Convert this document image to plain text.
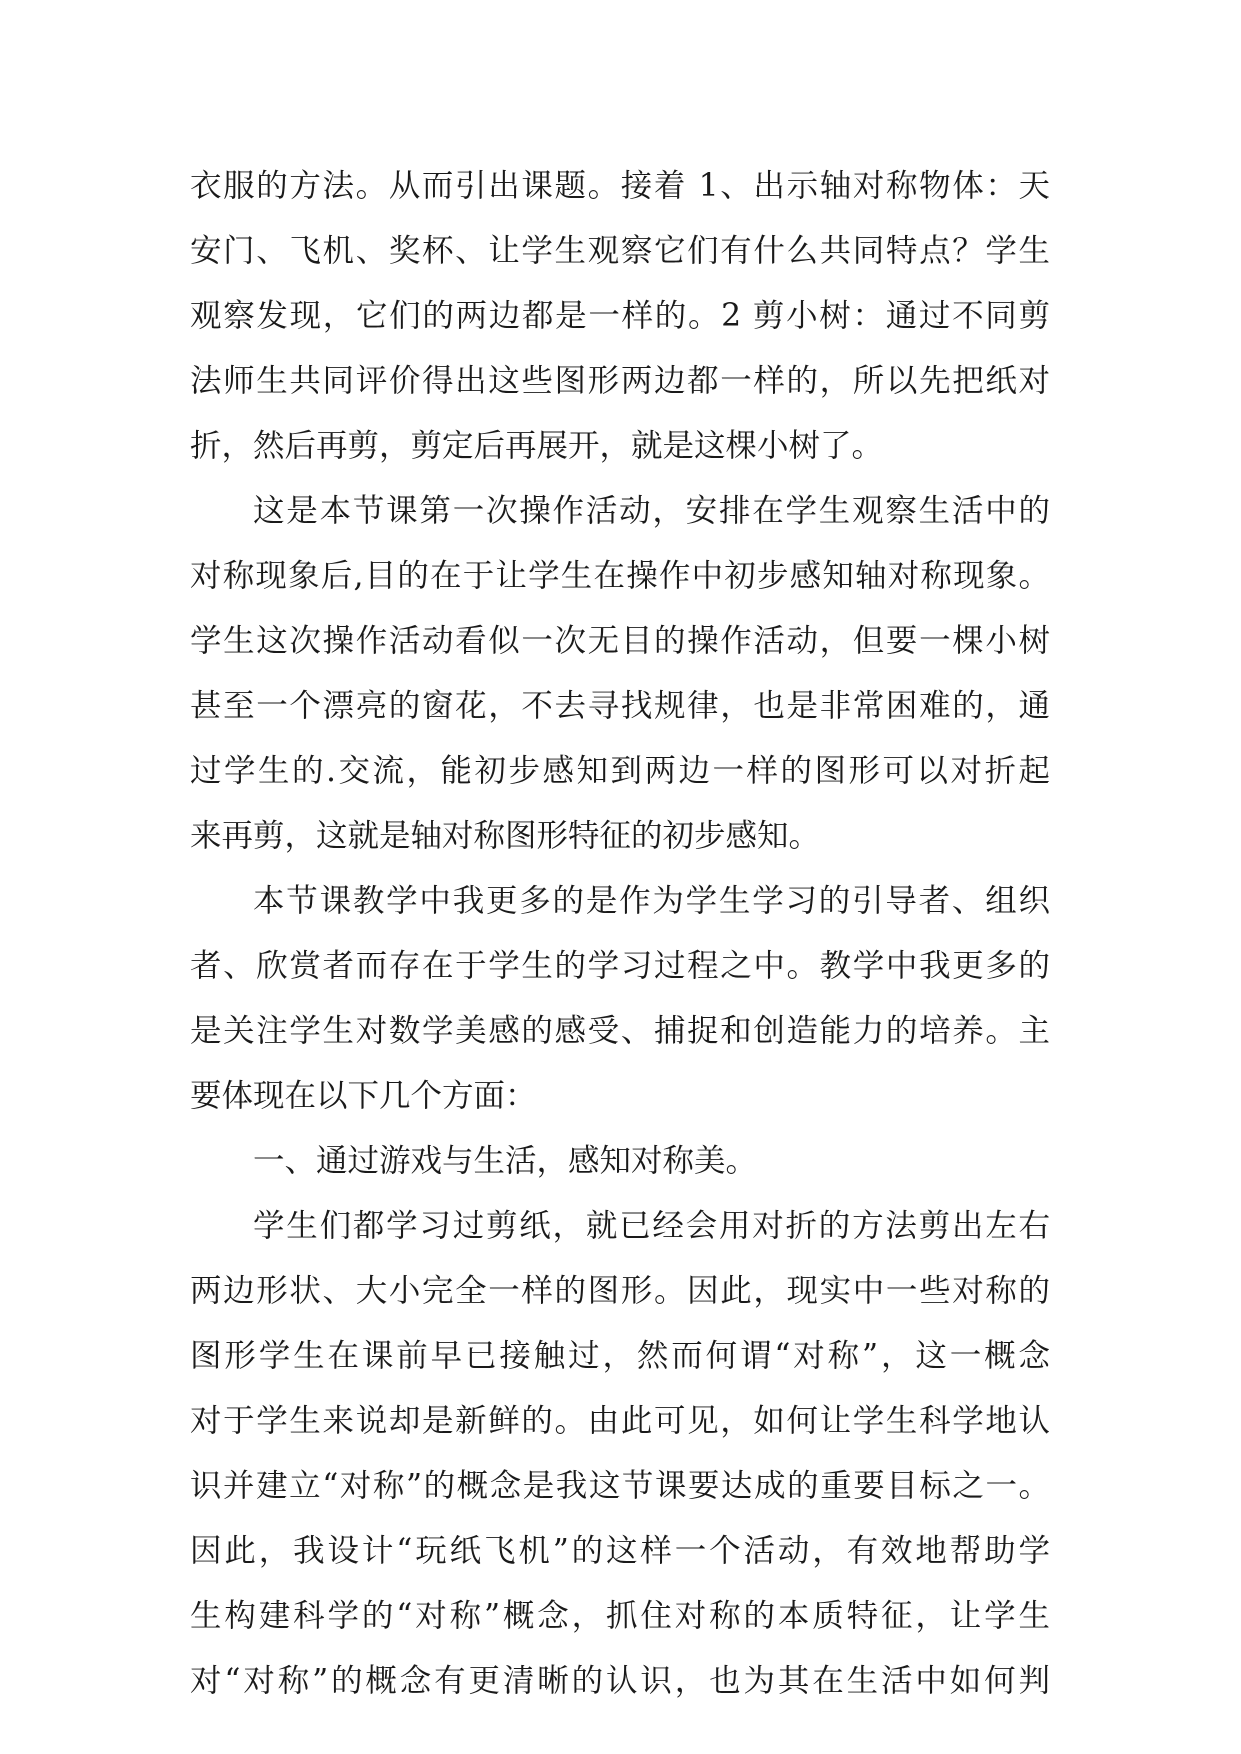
衣服的方法。从而引出课题。接着 1、出示轴对称物体：天
安门、飞机、奖杯、让学生观察它们有什么共同特点？学生
观察发现，它们的两边都是一样的。2 剪小树：通过不同剪
法师生共同评价得出这些图形两边都一样的，所以先把纸对
折，然后再剪，剪定后再展开，就是这棵小树了。
这是本节课第一次操作活动，安排在学生观察生活中的
对称现象后,目的在于让学生在操作中初步感知轴对称现象。
学生这次操作活动看似一次无目的操作活动，但要一棵小树
甚至一个漂亮的窗花，不去寻找规律，也是非常困难的，通
过学生的.交流，能初步感知到两边一样的图形可以对折起
来再剪，这就是轴对称图形特征的初步感知。
本节课教学中我更多的是作为学生学习的引导者、组织
者、欣赏者而存在于学生的学习过程之中。教学中我更多的
是关注学生对数学美感的感受、捕捉和创造能力的培养。主
要体现在以下几个方面：
一、通过游戏与生活，感知对称美。
学生们都学习过剪纸，就已经会用对折的方法剪出左右
两边形状、大小完全一样的图形。因此，现实中一些对称的
图形学生在课前早已接触过，然而何谓“对称”，这一概念
对于学生来说却是新鲜的。由此可见，如何让学生科学地认
识并建立“对称”的概念是我这节课要达成的重要目标之一。
因此，我设计“玩纸飞机”的这样一个活动，有效地帮助学
生构建科学的“对称”概念，抓住对称的本质特征，让学生
对“对称”的概念有更清晰的认识，也为其在生活中如何判
